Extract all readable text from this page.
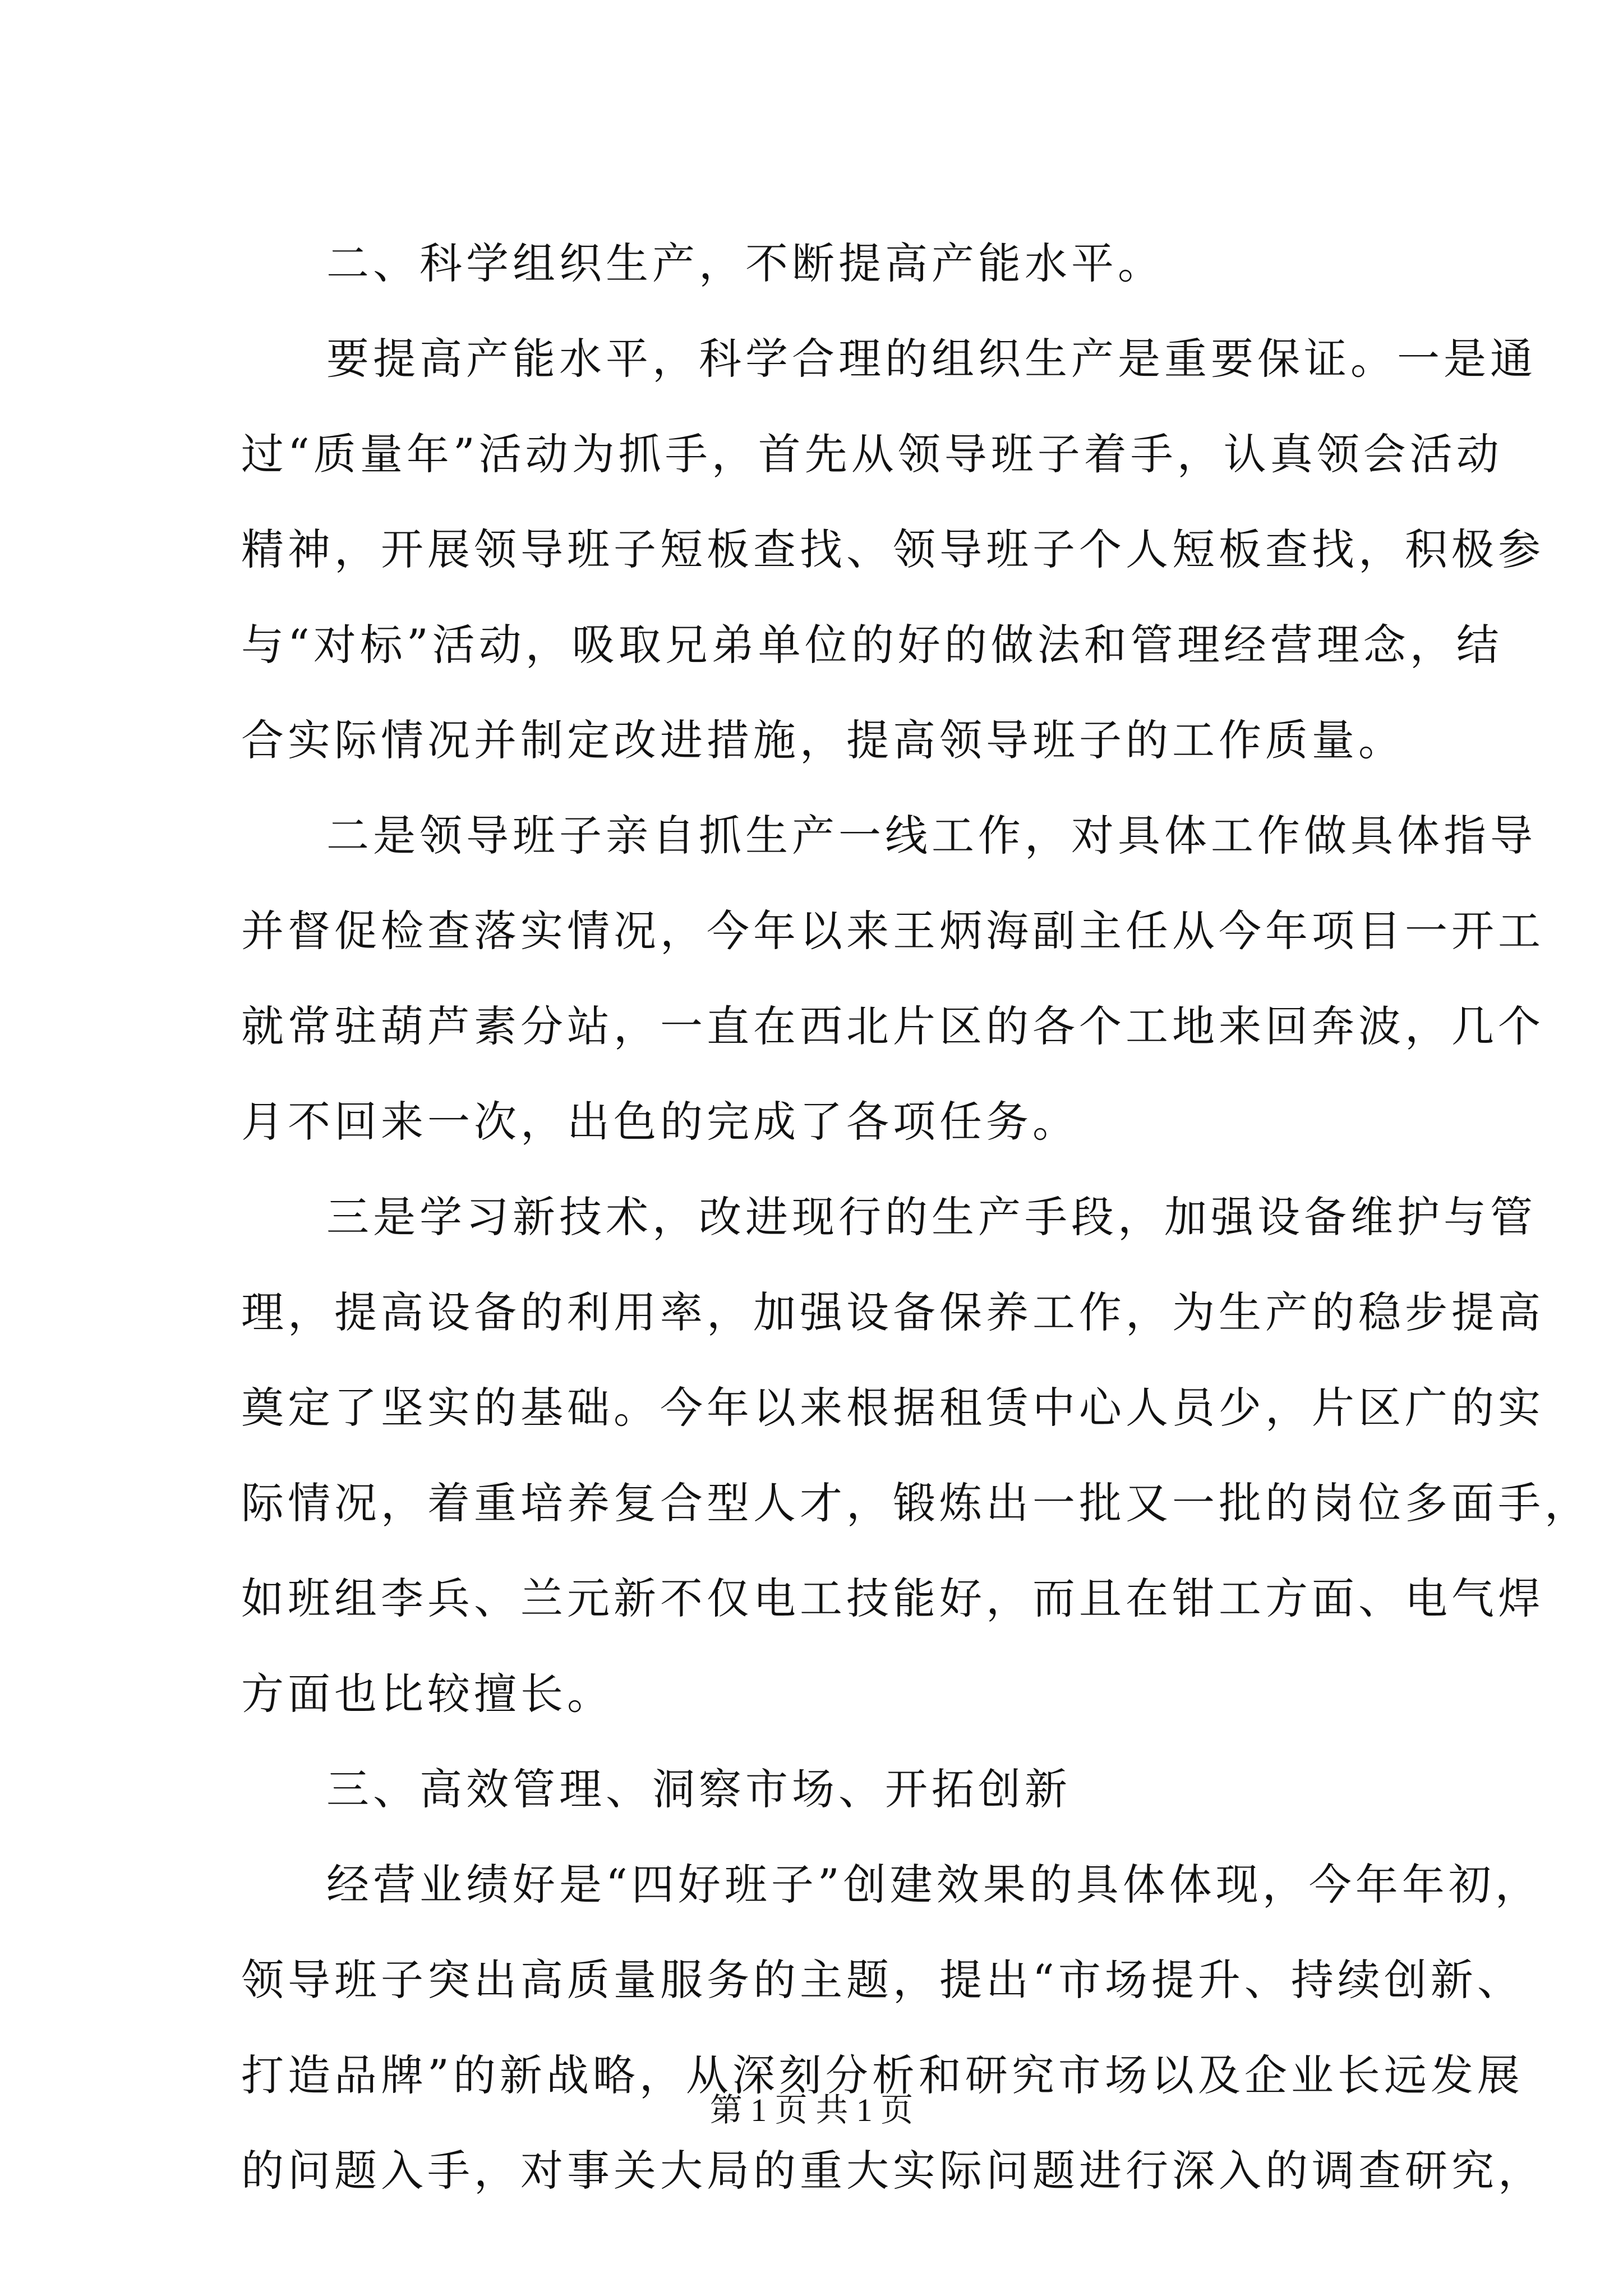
二、科学组织生产，不断提高产能水平。
要提高产能水平，科学合理的组织生产是重要保证。一是通
过“质量年”活动为抓手，首先从领导班子着手，认真领会活动
精神，开展领导班子短板查找、领导班子个人短板查找，积极参
与“对标”活动，吸取兄弟单位的好的做法和管理经营理念，结
合实际情况并制定改进措施，提高领导班子的工作质量。
二是领导班子亲自抓生产一线工作，对具体工作做具体指导
并督促检查落实情况，今年以来王炳海副主任从今年项目一开工
就常驻葫芦素分站，一直在西北片区的各个工地来回奔波，几个
月不回来一次，出色的完成了各项任务。
三是学习新技术，改进现行的生产手段，加强设备维护与管
理，提高设备的利用率，加强设备保养工作，为生产的稳步提高
奠定了坚实的基础。今年以来根据租赁中心人员少，片区广的实
际情况，着重培养复合型人才，锻炼出一批又一批的岗位多面手，
如班组李兵、兰元新不仅电工技能好，而且在钳工方面、电气焊
方面也比较擅长。
三、高效管理、洞察市场、开拓创新
经营业绩好是“四好班子”创建效果的具体体现，今年年初，
领导班子突出高质量服务的主题，提出“市场提升、持续创新、
打造品牌”的新战略，从深刻分析和研究市场以及企业长远发展
的问题入手，对事关大局的重大实际问题进行深入的调查研究，
第 1 页 共 1 页
